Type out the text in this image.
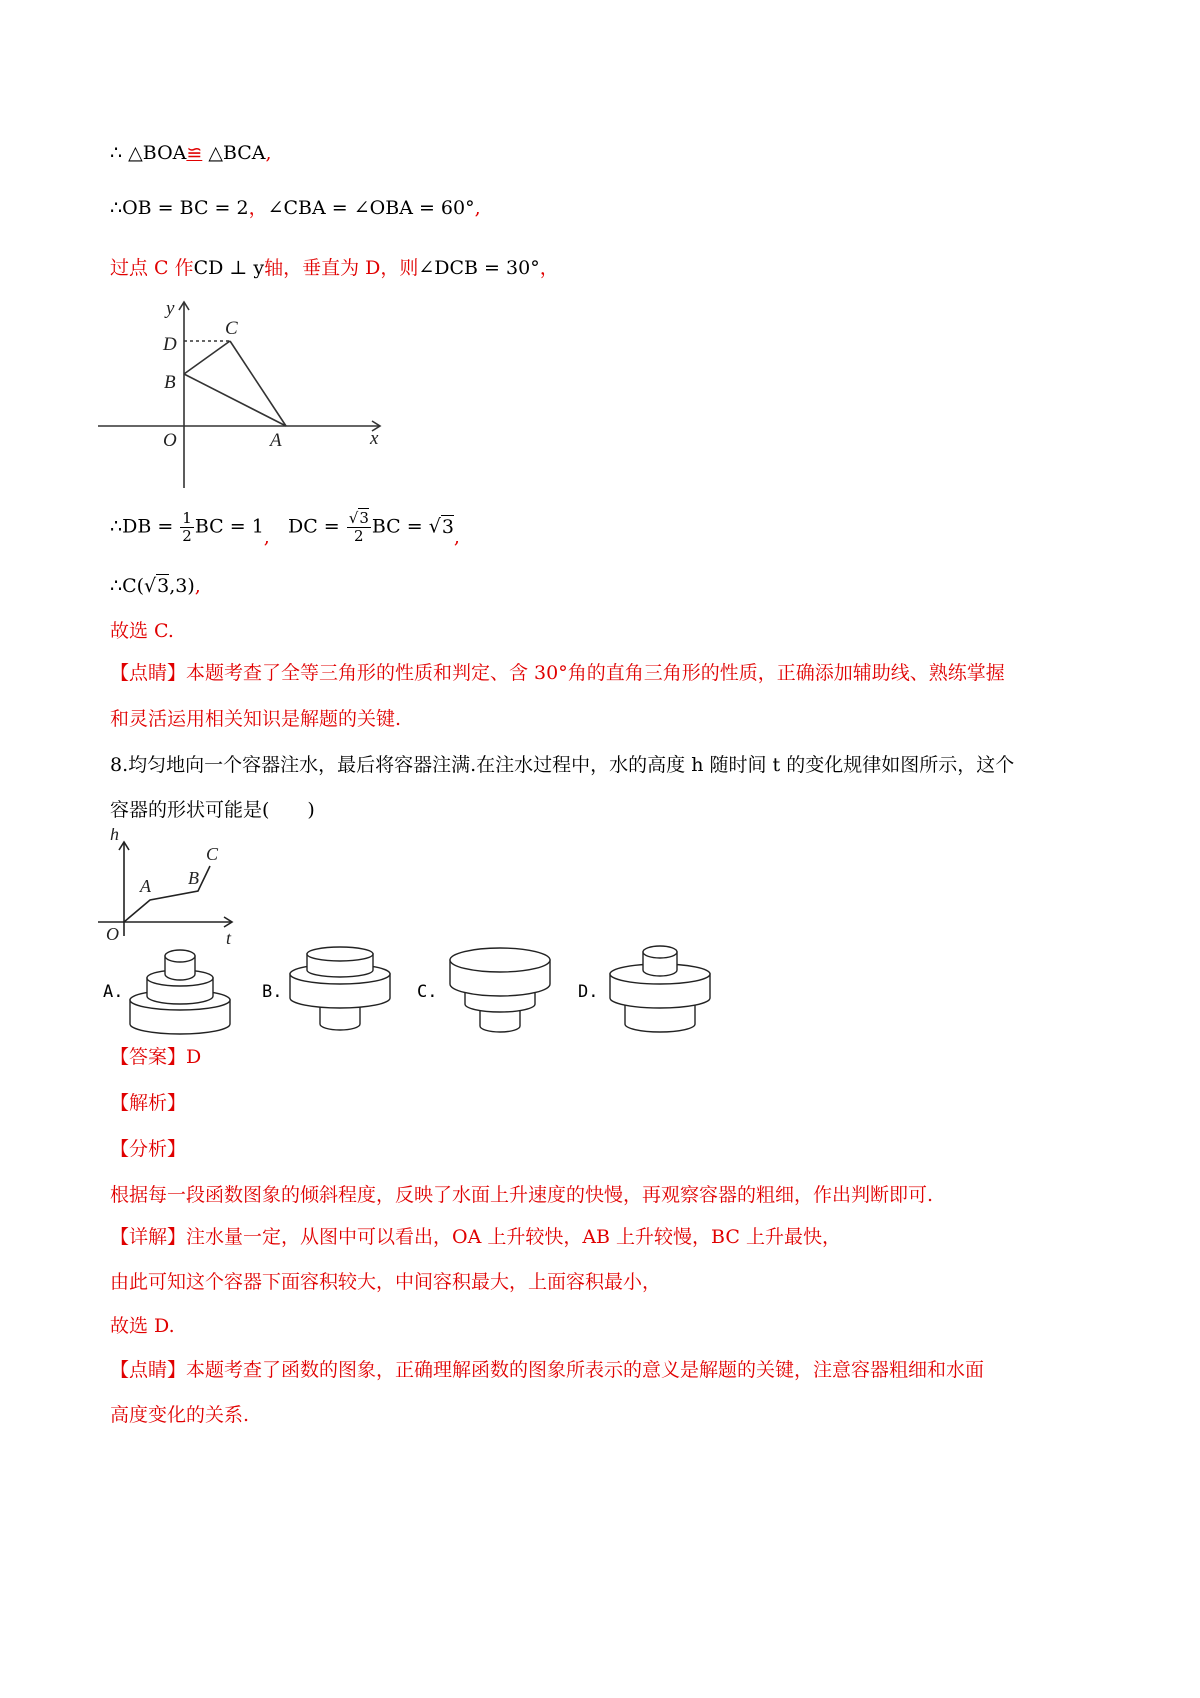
∴ △BOA≌ △BCA,
∴OB = BC = 2，∠CBA = ∠OBA = 60°,
过点 C 作CD ⊥ y轴，垂直为 D，则∠DCB = 30°，
y
x
O	A
B
C
D
∴DB = $\frac{1}{2}$ BC = 1, DC = $\frac{√3}{2}$ BC = √3,
∴C(√3,3),
故选 C.
【点睛】本题考查了全等三角形的性质和判定、含 30°角的直角三角形的性质，正确添加辅助线、熟练掌握
和灵活运用相关知识是解题的关键.
8.均匀地向一个容器注水，最后将容器注满.在注水过程中，水的高度 h 随时间 t 的变化规律如图所示，这个
容器的形状可能是(　　)
h
t
O
A B
C
A.	B.	C.	D.
【答案】D
【解析】
【分析】
根据每一段函数图象的倾斜程度，反映了水面上升速度的快慢，再观察容器的粗细，作出判断即可.
【详解】注水量一定，从图中可以看出，OA 上升较快，AB 上升较慢，BC 上升最快，
由此可知这个容器下面容积较大，中间容积最大，上面容积最小，
故选 D.
【点睛】本题考查了函数的图象，正确理解函数的图象所表示的意义是解题的关键，注意容器粗细和水面
高度变化的关系.
